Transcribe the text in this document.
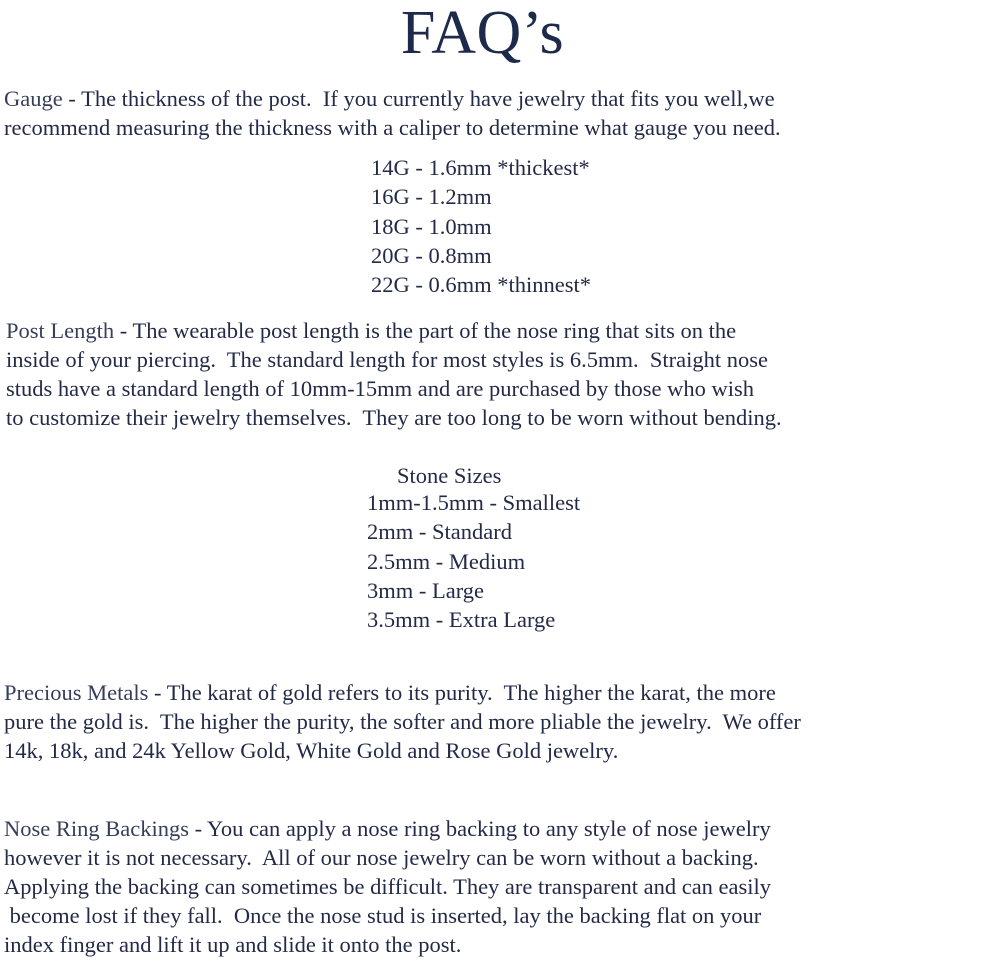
FAQ’s
Gauge - The thickness of the post.  If you currently have jewelry that fits you well,we
recommend measuring the thickness with a caliper to determine what gauge you need.
14G - 1.6mm *thickest*
16G - 1.2mm
18G - 1.0mm
20G - 0.8mm
22G - 0.6mm *thinnest*
Post Length - The wearable post length is the part of the nose ring that sits on the
inside of your piercing.  The standard length for most styles is 6.5mm.  Straight nose
studs have a standard length of 10mm-15mm and are purchased by those who wish
to customize their jewelry themselves.  They are too long to be worn without bending.
Stone Sizes
1mm-1.5mm - Smallest
2mm - Standard
2.5mm - Medium
3mm - Large
3.5mm - Extra Large
Precious Metals - The karat of gold refers to its purity.  The higher the karat, the more
pure the gold is.  The higher the purity, the softer and more pliable the jewelry.  We offer
14k, 18k, and 24k Yellow Gold, White Gold and Rose Gold jewelry.
Nose Ring Backings - You can apply a nose ring backing to any style of nose jewelry
however it is not necessary.  All of our nose jewelry can be worn without a backing.
Applying the backing can sometimes be difficult. They are transparent and can easily
become lost if they fall.  Once the nose stud is inserted, lay the backing flat on your
index finger and lift it up and slide it onto the post.
